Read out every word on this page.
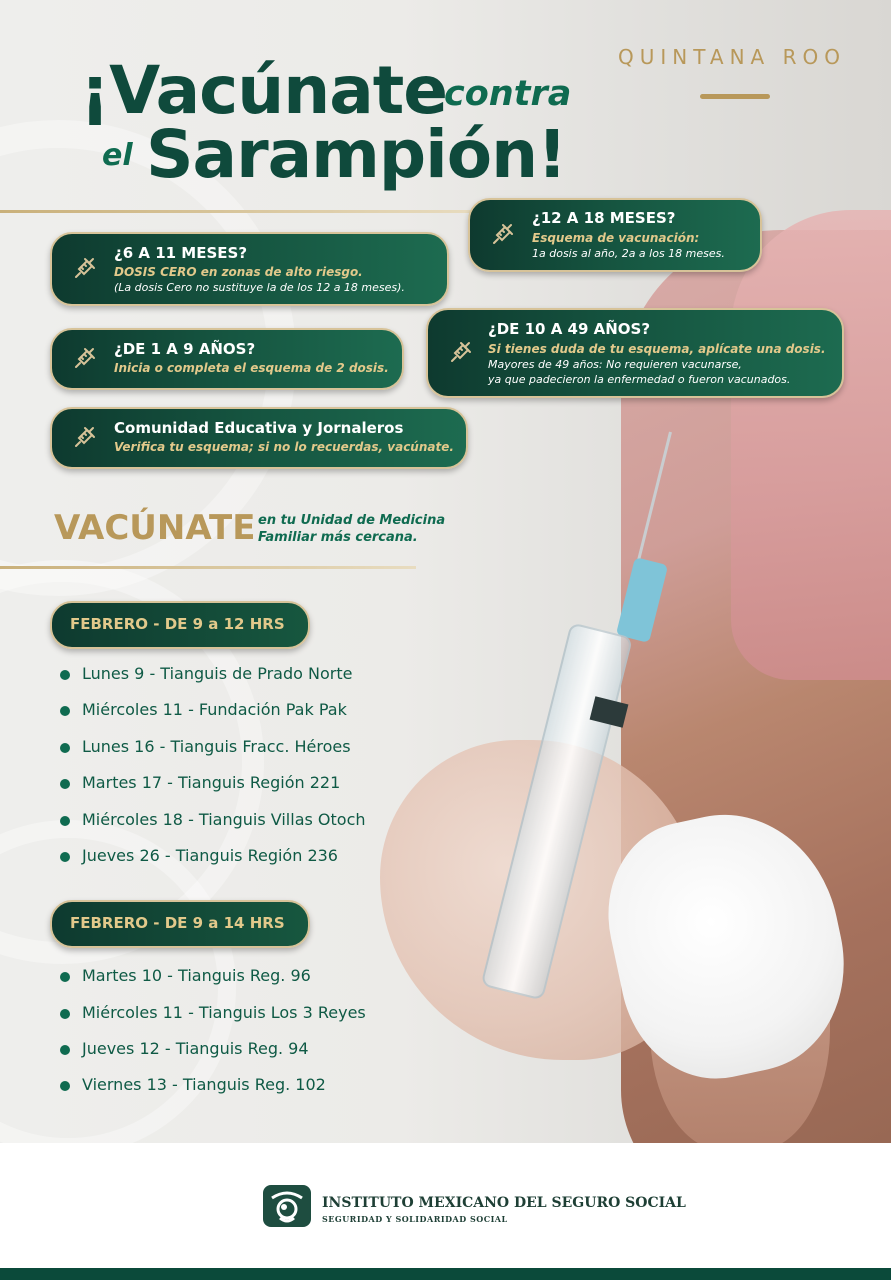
QUINTANA ROO
¡Vacúnate
contra
el Sarampión!
¿12 A 18 MESES?
Esquema de vacunación:
1a dosis al año, 2a a los 18 meses.
¿6 A 11 MESES?
DOSIS CERO en zonas de alto riesgo.
(La dosis Cero no sustituye la de los 12 a 18 meses).
¿DE 1 A 9 AÑOS?
Inicia o completa el esquema de 2 dosis.
¿DE 10 A 49 AÑOS?
Si tienes duda de tu esquema, aplícate una dosis.
Mayores de 49 años: No requieren vacunarse,
ya que padecieron la enfermedad o fueron vacunados.
Comunidad Educativa y Jornaleros
Verifica tu esquema; si no lo recuerdas, vacúnate.
VACÚNATE en tu Unidad de Medicina
Familiar más cercana.
FEBRERO - DE 9 a 12 HRS
Lunes 9 - Tianguis de Prado Norte
Miércoles 11 - Fundación Pak Pak
Lunes 16 - Tianguis Fracc. Héroes
Martes 17 - Tianguis Región 221
Miércoles 18 - Tianguis Villas Otoch
Jueves 26 - Tianguis Región 236
FEBRERO - DE 9 a 14 HRS
Martes 10 - Tianguis Reg. 96
Miércoles 11 - Tianguis Los 3 Reyes
Jueves 12 - Tianguis Reg. 94
Viernes 13 - Tianguis Reg. 102
INSTITUTO MEXICANO DEL SEGURO SOCIAL
SEGURIDAD Y SOLIDARIDAD SOCIAL
